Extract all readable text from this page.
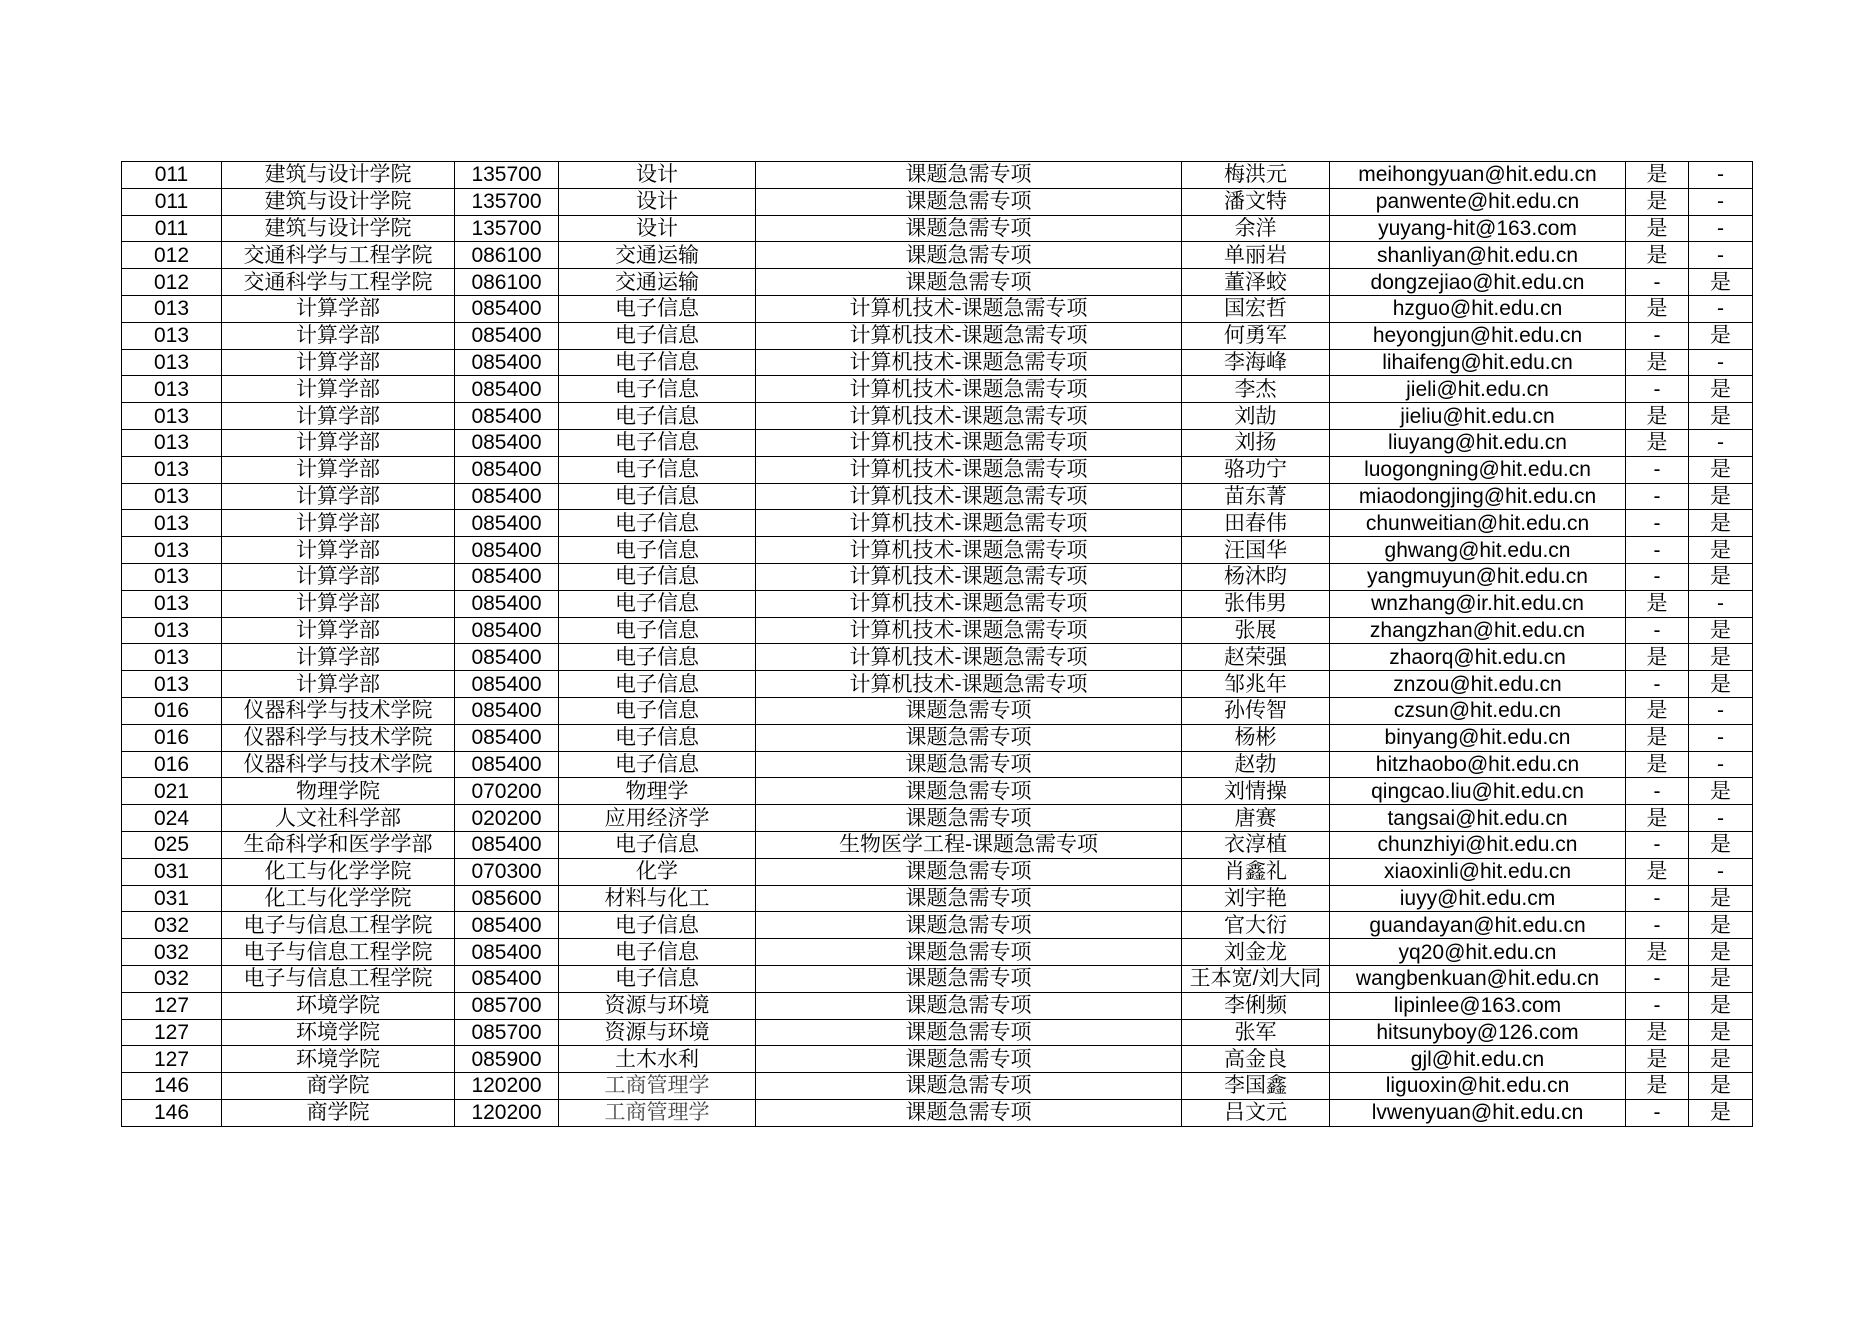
011	建筑与设计学院	135700	设计	课题急需专项	梅洪元	meihongyuan@hit.edu.cn	是	-
011	建筑与设计学院	135700	设计	课题急需专项	潘文特	panwente@hit.edu.cn	是	-
011	建筑与设计学院	135700	设计	课题急需专项	余洋	yuyang-hit@163.com	是	-
012	交通科学与工程学院	086100	交通运输	课题急需专项	单丽岩	shanliyan@hit.edu.cn	是	-
012	交通科学与工程学院	086100	交通运输	课题急需专项	董泽蛟	dongzejiao@hit.edu.cn	-	是
013	计算学部	085400	电子信息	计算机技术-课题急需专项	国宏哲	hzguo@hit.edu.cn	是	-
013	计算学部	085400	电子信息	计算机技术-课题急需专项	何勇军	heyongjun@hit.edu.cn	-	是
013	计算学部	085400	电子信息	计算机技术-课题急需专项	李海峰	lihaifeng@hit.edu.cn	是	-
013	计算学部	085400	电子信息	计算机技术-课题急需专项	李杰	jieli@hit.edu.cn	-	是
013	计算学部	085400	电子信息	计算机技术-课题急需专项	刘劼	jieliu@hit.edu.cn	是	是
013	计算学部	085400	电子信息	计算机技术-课题急需专项	刘扬	liuyang@hit.edu.cn	是	-
013	计算学部	085400	电子信息	计算机技术-课题急需专项	骆功宁	luogongning@hit.edu.cn	-	是
013	计算学部	085400	电子信息	计算机技术-课题急需专项	苗东菁	miaodongjing@hit.edu.cn	-	是
013	计算学部	085400	电子信息	计算机技术-课题急需专项	田春伟	chunweitian@hit.edu.cn	-	是
013	计算学部	085400	电子信息	计算机技术-课题急需专项	汪国华	ghwang@hit.edu.cn	-	是
013	计算学部	085400	电子信息	计算机技术-课题急需专项	杨沐昀	yangmuyun@hit.edu.cn	-	是
013	计算学部	085400	电子信息	计算机技术-课题急需专项	张伟男	wnzhang@ir.hit.edu.cn	是	-
013	计算学部	085400	电子信息	计算机技术-课题急需专项	张展	zhangzhan@hit.edu.cn	-	是
013	计算学部	085400	电子信息	计算机技术-课题急需专项	赵荣强	zhaorq@hit.edu.cn	是	是
013	计算学部	085400	电子信息	计算机技术-课题急需专项	邹兆年	znzou@hit.edu.cn	-	是
016	仪器科学与技术学院	085400	电子信息	课题急需专项	孙传智	czsun@hit.edu.cn	是	-
016	仪器科学与技术学院	085400	电子信息	课题急需专项	杨彬	binyang@hit.edu.cn	是	-
016	仪器科学与技术学院	085400	电子信息	课题急需专项	赵勃	hitzhaobo@hit.edu.cn	是	-
021	物理学院	070200	物理学	课题急需专项	刘情操	qingcao.liu@hit.edu.cn	-	是
024	人文社科学部	020200	应用经济学	课题急需专项	唐赛	tangsai@hit.edu.cn	是	-
025	生命科学和医学学部	085400	电子信息	生物医学工程-课题急需专项	衣淳植	chunzhiyi@hit.edu.cn	-	是
031	化工与化学学院	070300	化学	课题急需专项	肖鑫礼	xiaoxinli@hit.edu.cn	是	-
031	化工与化学学院	085600	材料与化工	课题急需专项	刘宇艳	iuyy@hit.edu.cm	-	是
032	电子与信息工程学院	085400	电子信息	课题急需专项	官大衍	guandayan@hit.edu.cn	-	是
032	电子与信息工程学院	085400	电子信息	课题急需专项	刘金龙	yq20@hit.edu.cn	是	是
032	电子与信息工程学院	085400	电子信息	课题急需专项	王本宽/刘大同	wangbenkuan@hit.edu.cn	-	是
127	环境学院	085700	资源与环境	课题急需专项	李俐频	lipinlee@163.com	-	是
127	环境学院	085700	资源与环境	课题急需专项	张军	hitsunyboy@126.com	是	是
127	环境学院	085900	土木水利	课题急需专项	高金良	gjl@hit.edu.cn	是	是
146	商学院	120200	工商管理学	课题急需专项	李国鑫	liguoxin@hit.edu.cn	是	是
146	商学院	120200	工商管理学	课题急需专项	吕文元	lvwenyuan@hit.edu.cn	-	是
